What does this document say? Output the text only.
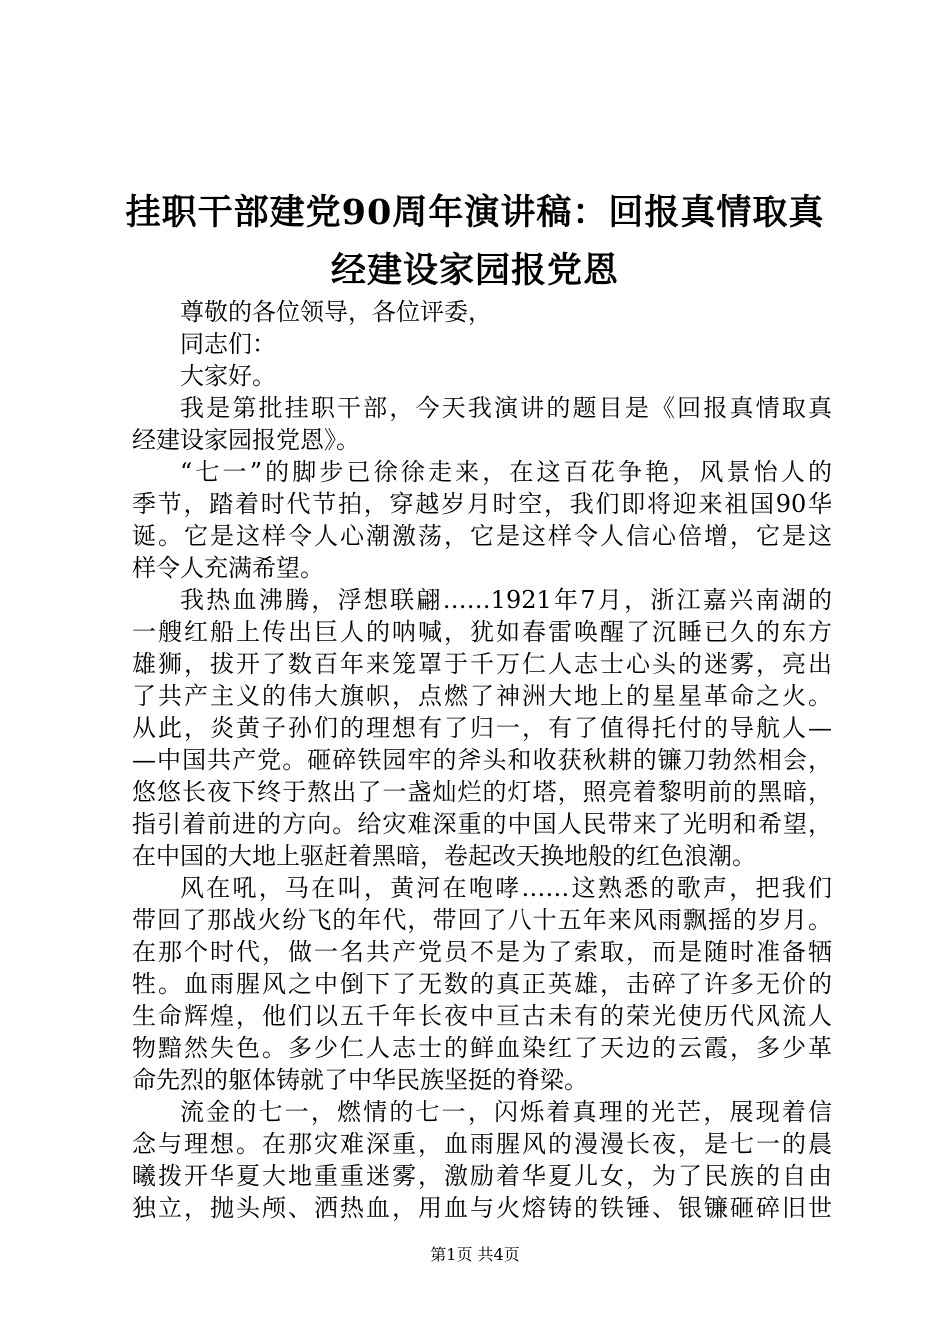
挂职干部建党90周年演讲稿：回报真情取真
经建设家园报党恩
尊敬的各位领导，各位评委，
同志们：
大家好。
我是第批挂职干部，今天我演讲的题目是《回报真情取真
经建设家园报党恩》。
“七一”的脚步已徐徐走来，在这百花争艳，风景怡人的
季节，踏着时代节拍，穿越岁月时空，我们即将迎来祖国90华
诞。它是这样令人心潮激荡，它是这样令人信心倍增，它是这
样令人充满希望。
我热血沸腾，浮想联翩……1921年7月，浙江嘉兴南湖的
一艘红船上传出巨人的呐喊，犹如春雷唤醒了沉睡已久的东方
雄狮，拔开了数百年来笼罩于千万仁人志士心头的迷雾，亮出
了共产主义的伟大旗帜，点燃了神洲大地上的星星革命之火。
从此，炎黄子孙们的理想有了归一，有了值得托付的导航人—
—中国共产党。砸碎铁园牢的斧头和收获秋耕的镰刀勃然相会，
悠悠长夜下终于熬出了一盏灿烂的灯塔，照亮着黎明前的黑暗，
指引着前进的方向。给灾难深重的中国人民带来了光明和希望，
在中国的大地上驱赶着黑暗，卷起改天换地般的红色浪潮。
风在吼，马在叫，黄河在咆哮……这熟悉的歌声，把我们
带回了那战火纷飞的年代，带回了八十五年来风雨飘摇的岁月。
在那个时代，做一名共产党员不是为了索取，而是随时准备牺
牲。血雨腥风之中倒下了无数的真正英雄，击碎了许多无价的
生命辉煌，他们以五千年长夜中亘古未有的荣光使历代风流人
物黯然失色。多少仁人志士的鲜血染红了天边的云霞，多少革
命先烈的躯体铸就了中华民族坚挺的脊梁。
流金的七一，燃情的七一，闪烁着真理的光芒，展现着信
念与理想。在那灾难深重，血雨腥风的漫漫长夜，是七一的晨
曦拨开华夏大地重重迷雾，激励着华夏儿女，为了民族的自由
独立，抛头颅、洒热血，用血与火熔铸的铁锤、银镰砸碎旧世
第1页 共4页
